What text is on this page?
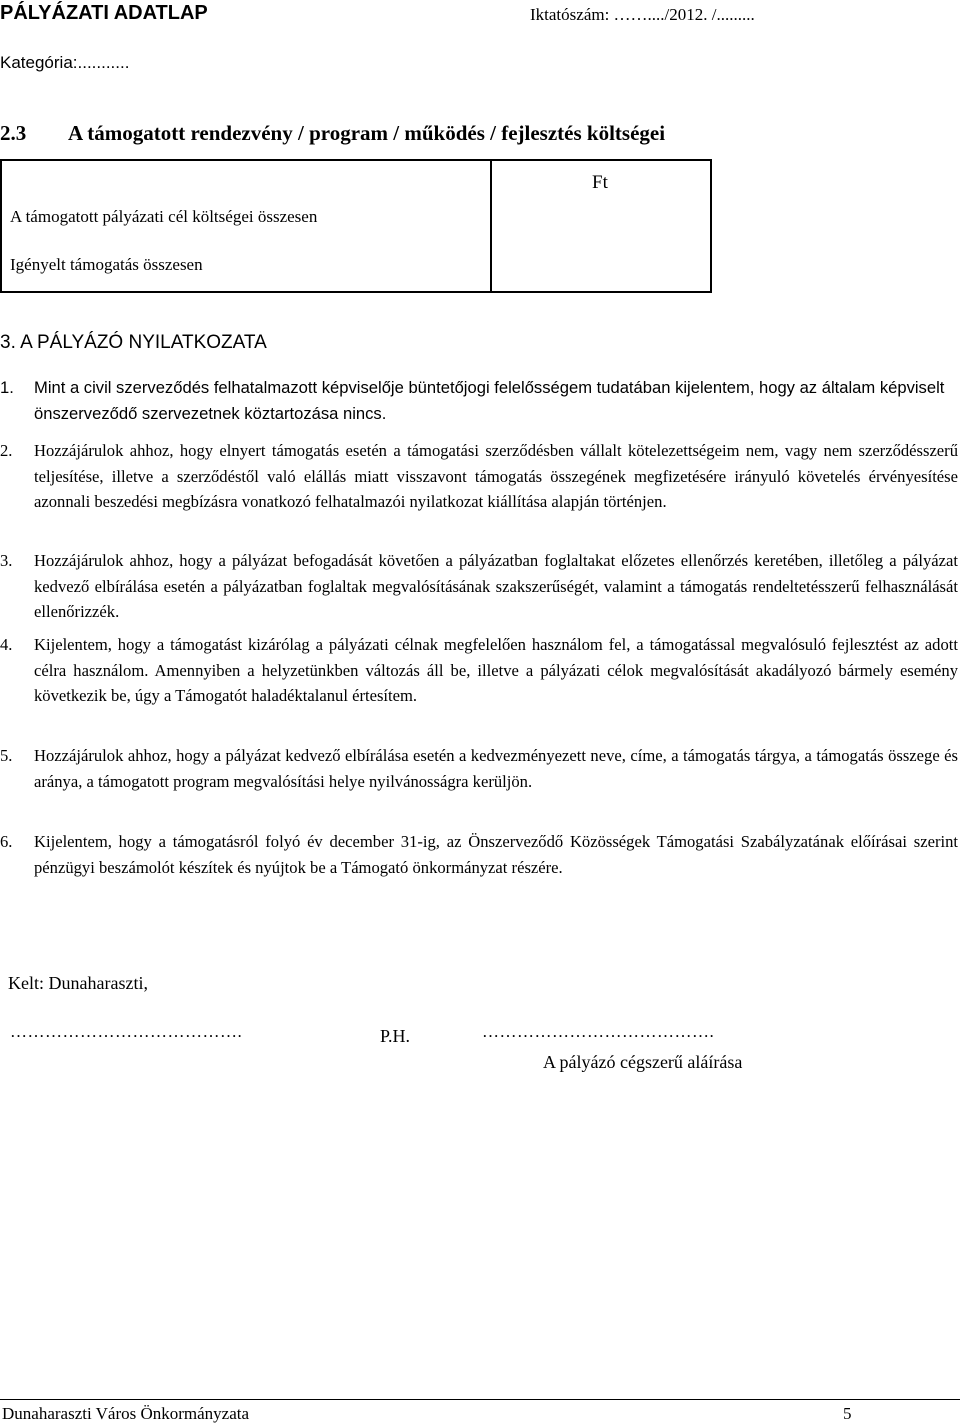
PÁLYÁZATI ADATLAP	Iktatószám: ……..../2012. /.........
Kategória:...........
2.3 A támogatott rendezvény / program / működés / fejlesztés költségei
Ft
A támogatott pályázati cél költségei összesen
Igényelt támogatás összesen
3. A PÁLYÁZÓ NYILATKOZATA
1. Mint a civil szerveződés felhatalmazott képviselője büntetőjogi felelősségem tudatában kijelentem, hogy az általam képviselt önszerveződő szervezetnek köztartozása nincs.
2. Hozzájárulok ahhoz, hogy elnyert támogatás esetén a támogatási szerződésben vállalt kötelezettségeim nem, vagy nem szerződésszerű teljesítése, illetve a szerződéstől való elállás miatt visszavont támogatás összegének megfizetésére irányuló követelés érvényesítése azonnali beszedési megbízásra vonatkozó felhatalmazói nyilatkozat kiállítása alapján történjen.
3. Hozzájárulok ahhoz, hogy a pályázat befogadását követően a pályázatban foglaltakat előzetes ellenőrzés keretében, illetőleg a pályázat kedvező elbírálása esetén a pályázatban foglaltak megvalósításának szakszerűségét, valamint a támogatás rendeltetésszerű felhasználását ellenőrizzék.
4. Kijelentem, hogy a támogatást kizárólag a pályázati célnak megfelelően használom fel, a támogatással megvalósuló fejlesztést az adott célra használom. Amennyiben a helyzetünkben változás áll be, illetve a pályázati célok megvalósítását akadályozó bármely esemény következik be, úgy a Támogatót haladéktalanul értesítem.
5. Hozzájárulok ahhoz, hogy a pályázat kedvező elbírálása esetén a kedvezményezett neve, címe, a támogatás tárgya, a támogatás összege és aránya, a támogatott program megvalósítási helye nyilvánosságra kerüljön.
6. Kijelentem, hogy a támogatásról folyó év december 31-ig, az Önszerveződő Közösségek Támogatási Szabályzatának előírásai szerint pénzügyi beszámolót készítek és nyújtok be a Támogató önkormányzat részére.
Kelt: Dunaharaszti,
………………………………….	P.H.	………………………………….
A pályázó cégszerű aláírása
Dunaharaszti Város Önkormányzata	5
